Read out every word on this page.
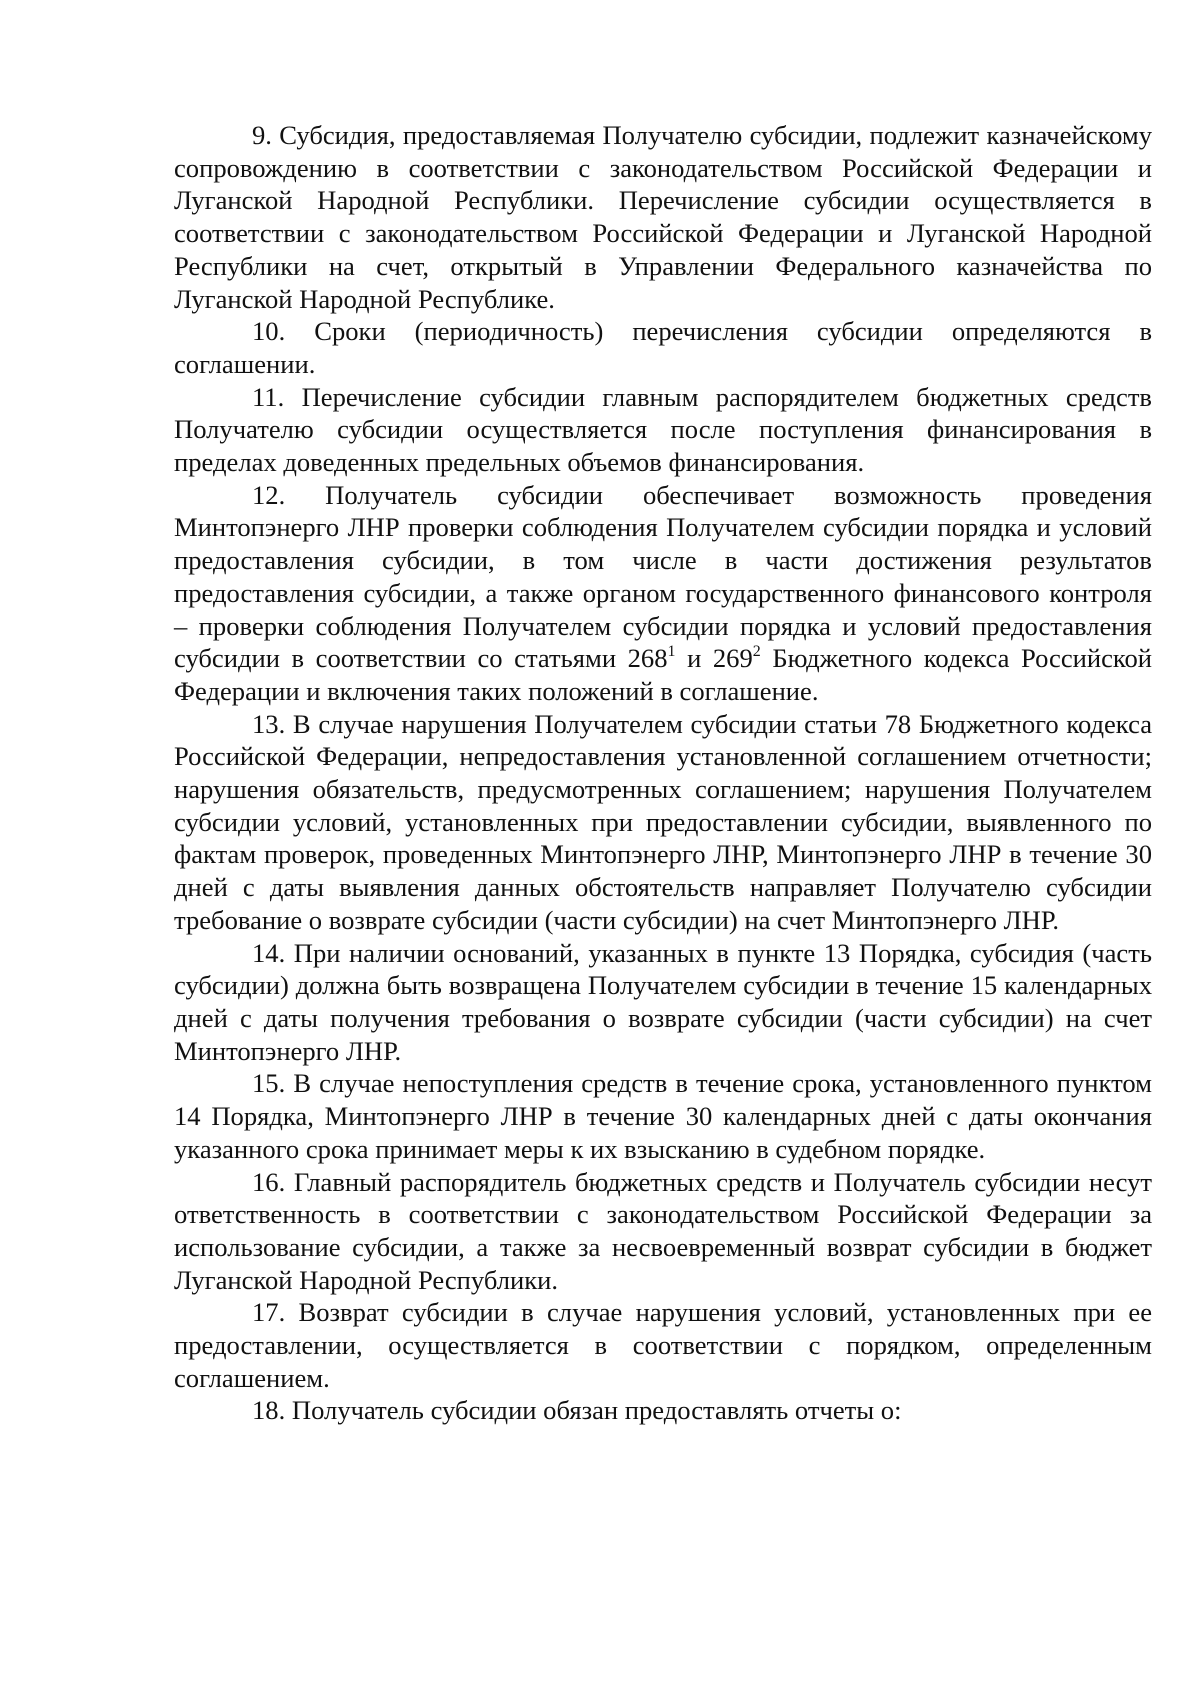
9. Субсидия, предоставляемая Получателю субсидии, подлежит казначейскому сопровождению в соответствии с законодательством Российской Федерации и Луганской Народной Республики. Перечисление субсидии осуществляется в соответствии с законодательством Российской Федерации и Луганской Народной Республики на счет, открытый в Управлении Федерального казначейства по Луганской Народной Республике.

10. Сроки (периодичность) перечисления субсидии определяются в соглашении.

11. Перечисление субсидии главным распорядителем бюджетных средств Получателю субсидии осуществляется после поступления финансирования в пределах доведенных предельных объемов финансирования.

12. Получатель субсидии обеспечивает возможность проведения Минтопэнерго ЛНР проверки соблюдения Получателем субсидии порядка и условий предоставления субсидии, в том числе в части достижения результатов предоставления субсидии, а также органом государственного финансового контроля – проверки соблюдения Получателем субсидии порядка и условий предоставления субсидии в соответствии со статьями $268^1$ и $269^2$ Бюджетного кодекса Российской Федерации и включения таких положений в соглашение.

13. В случае нарушения Получателем субсидии статьи 78 Бюджетного кодекса Российской Федерации, непредоставления установленной соглашением отчетности; нарушения обязательств, предусмотренных соглашением; нарушения Получателем субсидии условий, установленных при предоставлении субсидии, выявленного по фактам проверок, проведенных Минтопэнерго ЛНР, Минтопэнерго ЛНР в течение 30 дней с даты выявления данных обстоятельств направляет Получателю субсидии требование о возврате субсидии (части субсидии) на счет Минтопэнерго ЛНР.

14. При наличии оснований, указанных в пункте 13 Порядка, субсидия (часть субсидии) должна быть возвращена Получателем субсидии в течение 15 календарных дней с даты получения требования о возврате субсидии (части субсидии) на счет Минтопэнерго ЛНР.

15. В случае непоступления средств в течение срока, установленного пунктом 14 Порядка, Минтопэнерго ЛНР в течение 30 календарных дней с даты окончания указанного срока принимает меры к их взысканию в судебном порядке.

16. Главный распорядитель бюджетных средств и Получатель субсидии несут ответственность в соответствии с законодательством Российской Федерации за использование субсидии, а также за несвоевременный возврат субсидии в бюджет Луганской Народной Республики.

17. Возврат субсидии в случае нарушения условий, установленных при ее предоставлении, осуществляется в соответствии с порядком, определенным соглашением.

18. Получатель субсидии обязан предоставлять отчеты о:
